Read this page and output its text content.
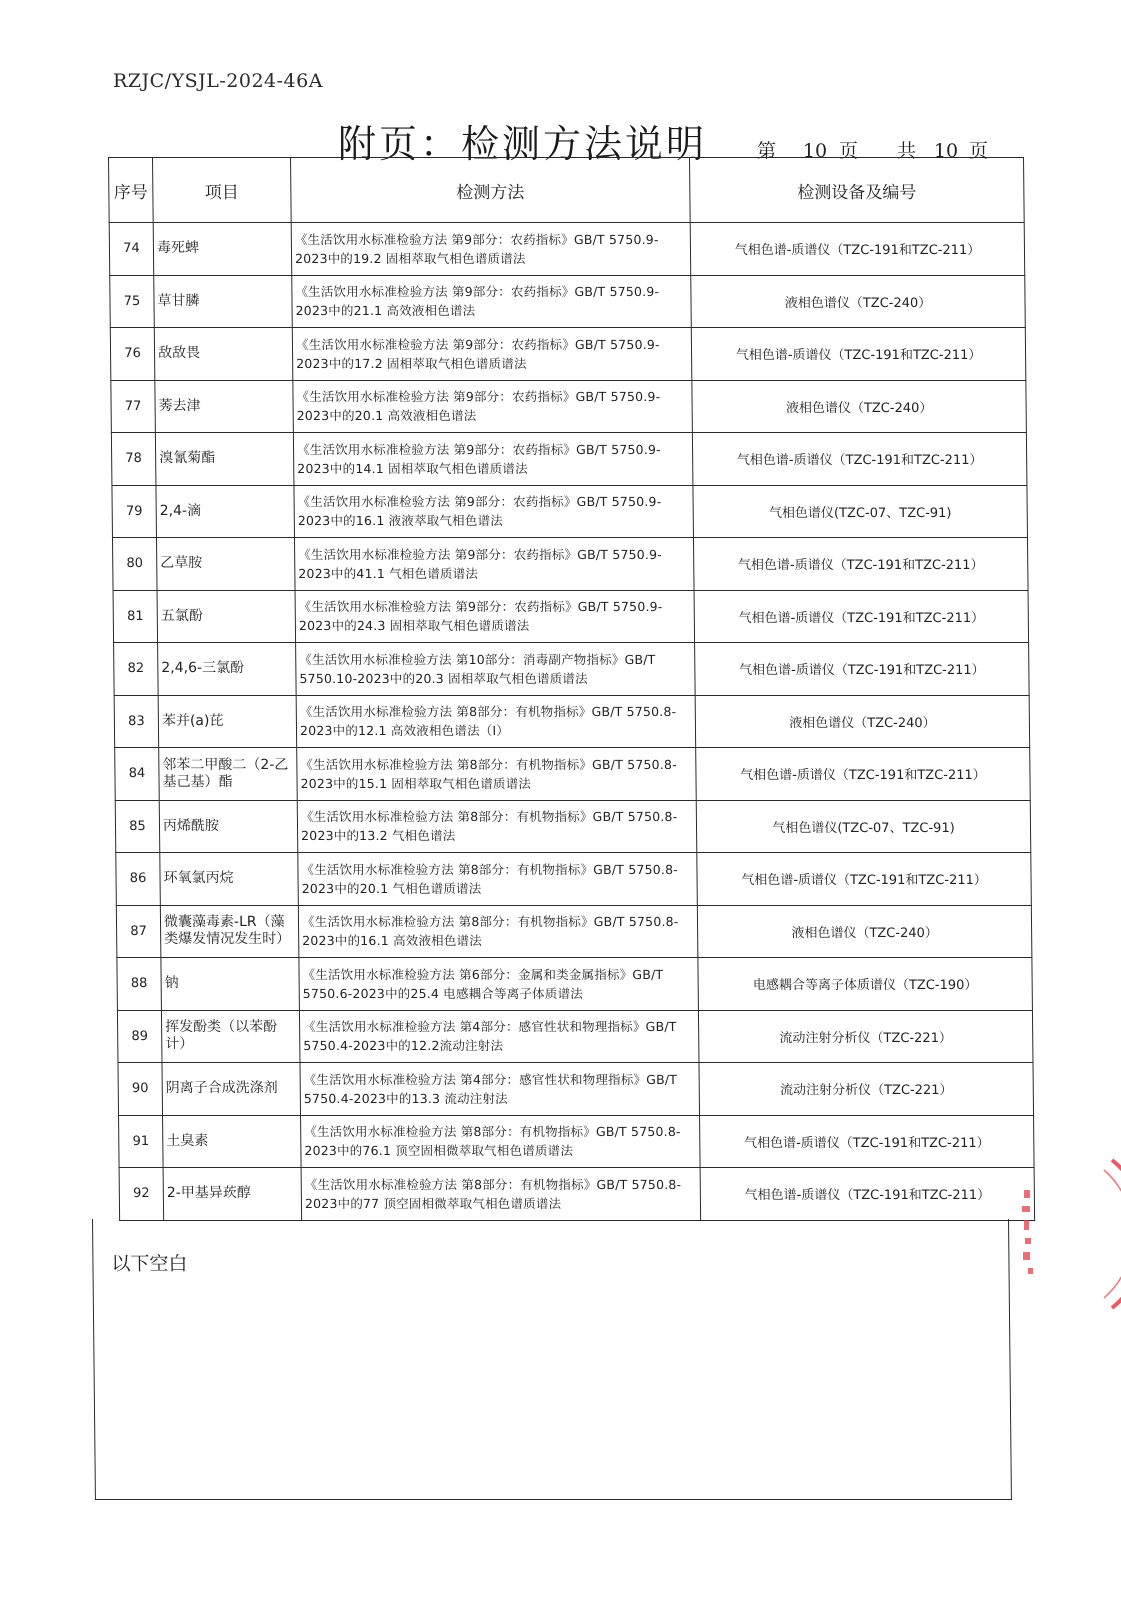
RZJC/YSJL-2024-46A
附页：检测方法说明	第 10 页 共 10 页
序号	项目	检测方法	检测设备及编号
74	毒死蜱	《生活饮用水标准检验方法 第9部分：农药指标》GB/T 5750.9-2023中的19.2 固相萃取气相色谱质谱法	气相色谱-质谱仪（TZC-191和TZC-211）
75	草甘膦	《生活饮用水标准检验方法 第9部分：农药指标》GB/T 5750.9-2023中的21.1 高效液相色谱法	液相色谱仪（TZC-240）
76	敌敌畏	《生活饮用水标准检验方法 第9部分：农药指标》GB/T 5750.9-2023中的17.2 固相萃取气相色谱质谱法	气相色谱-质谱仪（TZC-191和TZC-211）
77	莠去津	《生活饮用水标准检验方法 第9部分：农药指标》GB/T 5750.9-2023中的20.1 高效液相色谱法	液相色谱仪（TZC-240）
78	溴氰菊酯	《生活饮用水标准检验方法 第9部分：农药指标》GB/T 5750.9-2023中的14.1 固相萃取气相色谱质谱法	气相色谱-质谱仪（TZC-191和TZC-211）
79	2,4-滴	《生活饮用水标准检验方法 第9部分：农药指标》GB/T 5750.9-2023中的16.1 液液萃取气相色谱法	气相色谱仪(TZC-07、TZC-91)
80	乙草胺	《生活饮用水标准检验方法 第9部分：农药指标》GB/T 5750.9-2023中的41.1 气相色谱质谱法	气相色谱-质谱仪（TZC-191和TZC-211）
81	五氯酚	《生活饮用水标准检验方法 第9部分：农药指标》GB/T 5750.9-2023中的24.3 固相萃取气相色谱质谱法	气相色谱-质谱仪（TZC-191和TZC-211）
82	2,4,6-三氯酚	《生活饮用水标准检验方法 第10部分：消毒副产物指标》GB/T 5750.10-2023中的20.3 固相萃取气相色谱质谱法	气相色谱-质谱仪（TZC-191和TZC-211）
83	苯并(a)芘	《生活饮用水标准检验方法 第8部分：有机物指标》GB/T 5750.8-2023中的12.1 高效液相色谱法（I）	液相色谱仪（TZC-240）
84	邻苯二甲酸二（2-乙基己基）酯	《生活饮用水标准检验方法 第8部分：有机物指标》GB/T 5750.8-2023中的15.1 固相萃取气相色谱质谱法	气相色谱-质谱仪（TZC-191和TZC-211）
85	丙烯酰胺	《生活饮用水标准检验方法 第8部分：有机物指标》GB/T 5750.8-2023中的13.2 气相色谱法	气相色谱仪(TZC-07、TZC-91)
86	环氧氯丙烷	《生活饮用水标准检验方法 第8部分：有机物指标》GB/T 5750.8-2023中的20.1 气相色谱质谱法	气相色谱-质谱仪（TZC-191和TZC-211）
87	微囊藻毒素-LR（藻类爆发情况发生时）	《生活饮用水标准检验方法 第8部分：有机物指标》GB/T 5750.8-2023中的16.1 高效液相色谱法	液相色谱仪（TZC-240）
88	钠	《生活饮用水标准检验方法 第6部分：金属和类金属指标》GB/T 5750.6-2023中的25.4 电感耦合等离子体质谱法	电感耦合等离子体质谱仪（TZC-190）
89	挥发酚类（以苯酚计）	《生活饮用水标准检验方法 第4部分：感官性状和物理指标》GB/T 5750.4-2023中的12.2流动注射法	流动注射分析仪（TZC-221）
90	阴离子合成洗涤剂	《生活饮用水标准检验方法 第4部分：感官性状和物理指标》GB/T 5750.4-2023中的13.3 流动注射法	流动注射分析仪（TZC-221）
91	土臭素	《生活饮用水标准检验方法 第8部分：有机物指标》GB/T 5750.8-2023中的76.1 顶空固相微萃取气相色谱质谱法	气相色谱-质谱仪（TZC-191和TZC-211）
92	2-甲基异莰醇	《生活饮用水标准检验方法 第8部分：有机物指标》GB/T 5750.8-2023中的77 顶空固相微萃取气相色谱质谱法	气相色谱-质谱仪（TZC-191和TZC-211）
以下空白
